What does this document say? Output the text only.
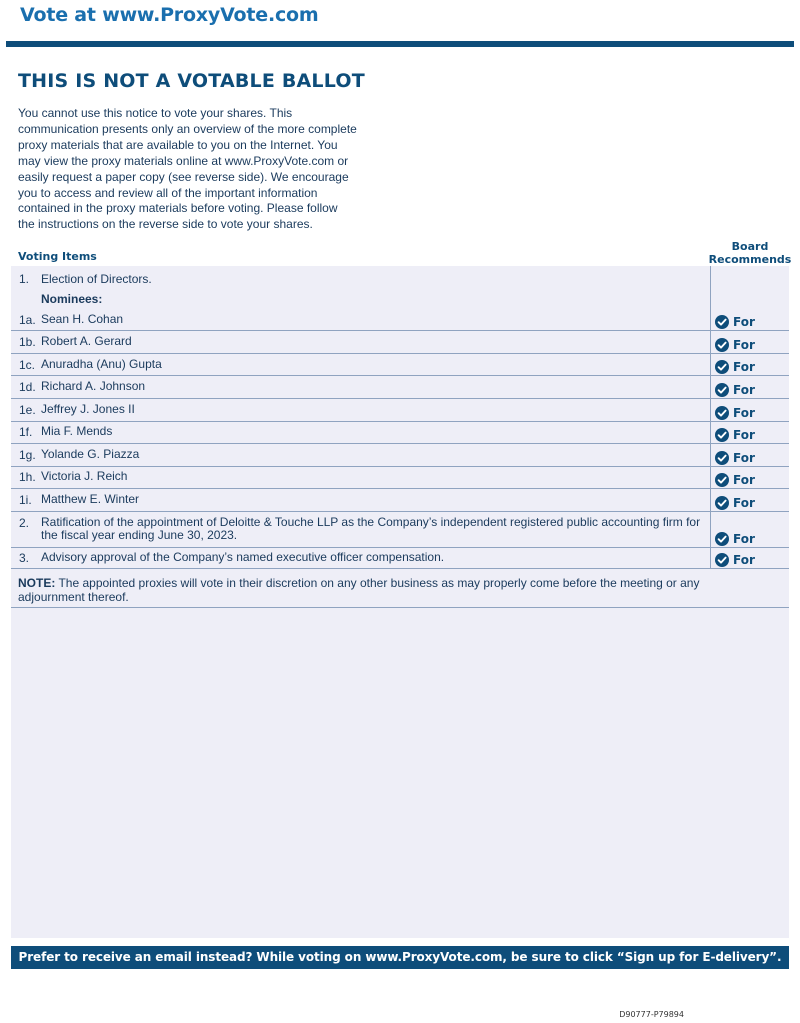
Vote at www.ProxyVote.com
THIS IS NOT A VOTABLE BALLOT
You cannot use this notice to vote your shares. This
communication presents only an overview of the more complete
proxy materials that are available to you on the Internet. You
may view the proxy materials online at www.ProxyVote.com or
easily request a paper copy (see reverse side). We encourage
you to access and review all of the important information
contained in the proxy materials before voting. Please follow
the instructions on the reverse side to vote your shares.
Voting Items
Board
Recommends
1. Election of Directors.
Nominees:
1a. Sean H. Cohan	For
1b. Robert A. Gerard	For
1c. Anuradha (Anu) Gupta	For
1d. Richard A. Johnson	For
1e. Jeffrey J. Jones II	For
1f. Mia F. Mends	For
1g. Yolande G. Piazza	For
1h. Victoria J. Reich	For
1i. Matthew E. Winter	For
2. Ratification of the appointment of Deloitte & Touche LLP as the Company’s independent registered public accounting firm for the fiscal year ending June 30, 2023.	For
3. Advisory approval of the Company’s named executive officer compensation.	For
NOTE: The appointed proxies will vote in their discretion on any other business as may properly come before the meeting or any adjournment thereof.
Prefer to receive an email instead? While voting on www.ProxyVote.com, be sure to click “Sign up for E-delivery”.
D90777-P79894
